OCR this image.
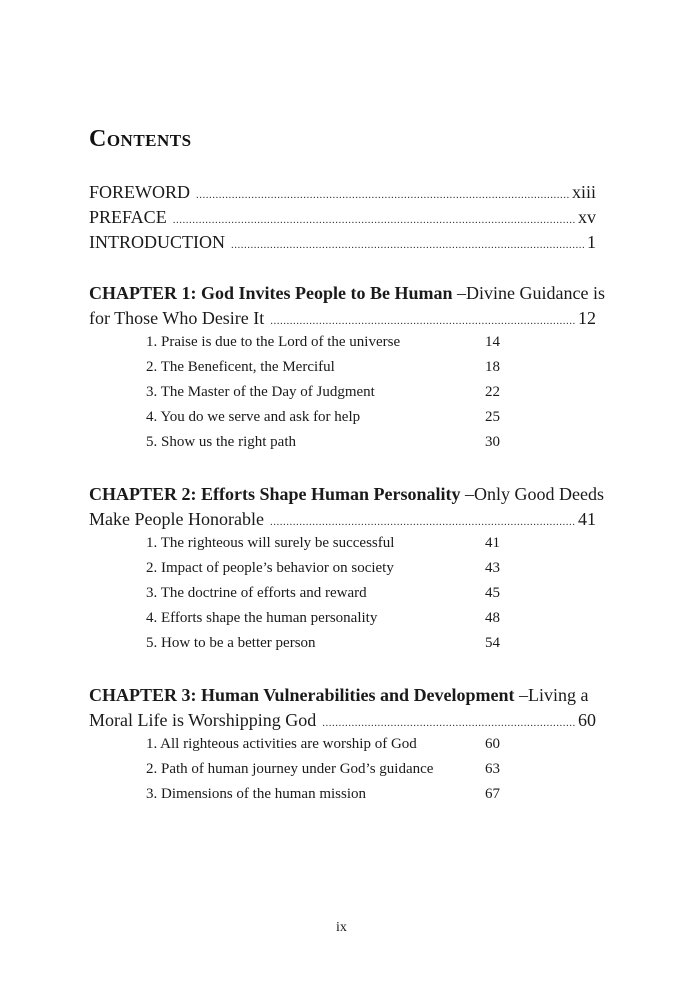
Contents
FOREWORD .....	xiii
PREFACE .....	xv
INTRODUCTION .....	1
CHAPTER 1: God Invites People to Be Human –Divine Guidance is
for Those Who Desire It .....	12
1. Praise is due to the Lord of the universe	14
2. The Beneficent, the Merciful	18
3. The Master of the Day of Judgment	22
4. You do we serve and ask for help	25
5. Show us the right path	30
CHAPTER 2: Efforts Shape Human Personality –Only Good Deeds
Make People Honorable .....	41
1. The righteous will surely be successful	41
2. Impact of people’s behavior on society	43
3. The doctrine of efforts and reward	45
4. Efforts shape the human personality	48
5. How to be a better person	54
CHAPTER 3: Human Vulnerabilities and Development –Living a
Moral Life is Worshipping God .....	60
1. All righteous activities are worship of God	60
2. Path of human journey under God’s guidance	63
3. Dimensions of the human mission	67
ix
